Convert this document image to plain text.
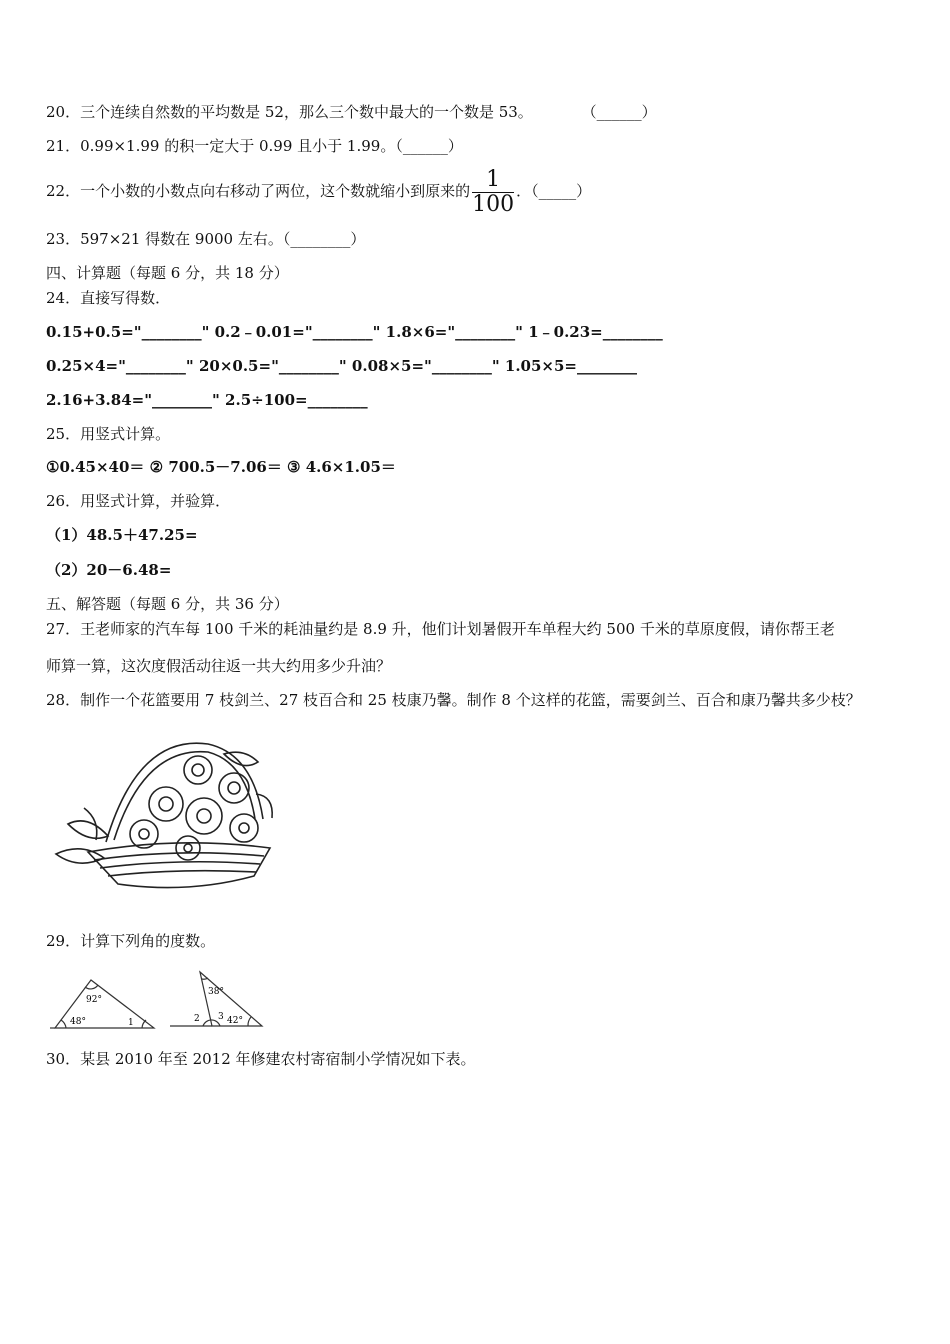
20．三个连续自然数的平均数是 52，那么三个数中最大的一个数是 53。	（______）
21．0.99×1.99 的积一定大于 0.99 且小于 1.99。（______）
22．一个小数的小数点向右移动了两位，这个数就缩小到原来的 $\frac{1}{100}$ ．（_____）
23．597×21 得数在 9000 左右。（________）
四、计算题（每题 6 分，共 18 分）
24．直接写得数．
0.15+0.5="________" 0.2﹣0.01="________" 1.8×6="________" 1﹣0.23=________
0.25×4="________" 20×0.5="________" 0.08×5="________" 1.05×5=________
2.16+3.84="________" 2.5÷100=________
25．用竖式计算。
①0.45×40＝ ② 700.5－7.06＝ ③ 4.6×1.05＝
26．用竖式计算，并验算．
（1）48.5＋47.25=
（2）20－6.48=
五、解答题（每题 6 分，共 36 分）
27．王老师家的汽车每 100 千米的耗油量约是 8.9 升，他们计划暑假开车单程大约 500 千米的草原度假，请你帮王老
师算一算，这次度假活动往返一共大约用多少升油？
28．制作一个花篮要用 7 枝剑兰、27 枝百合和 25 枝康乃馨。制作 8 个这样的花篮，需要剑兰、百合和康乃馨共多少枝？
29．计算下列角的度数。
92°
48°	1
38°
2 3 42°
30．某县 2010 年至 2012 年修建农村寄宿制小学情况如下表。
